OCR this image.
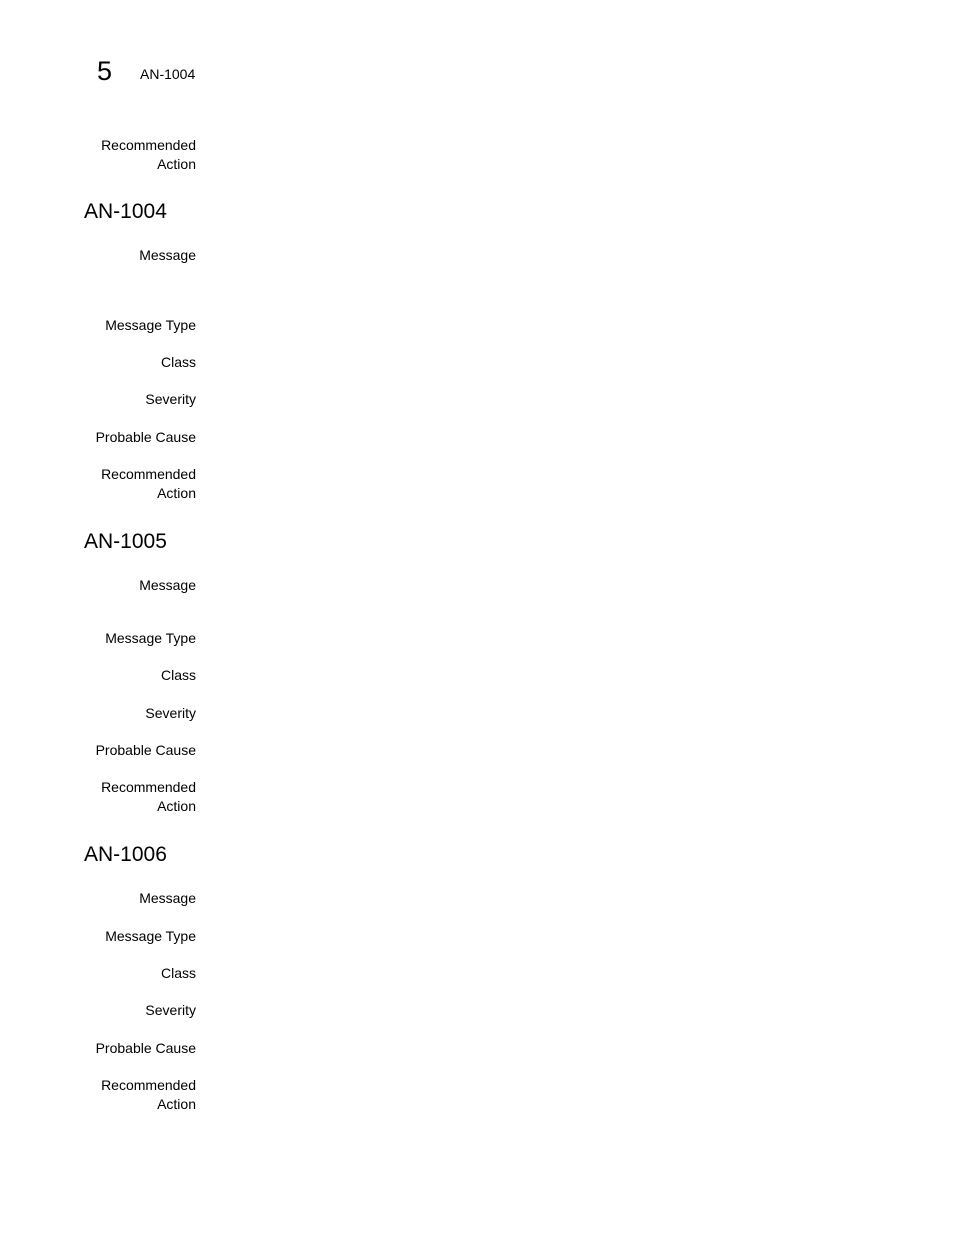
5 AN-1004
Recommended
Action
AN-1004
Message
Message Type
Class
Severity
Probable Cause
Recommended
Action
AN-1005
Message
Message Type
Class
Severity
Probable Cause
Recommended
Action
AN-1006
Message
Message Type
Class
Severity
Probable Cause
Recommended
Action
